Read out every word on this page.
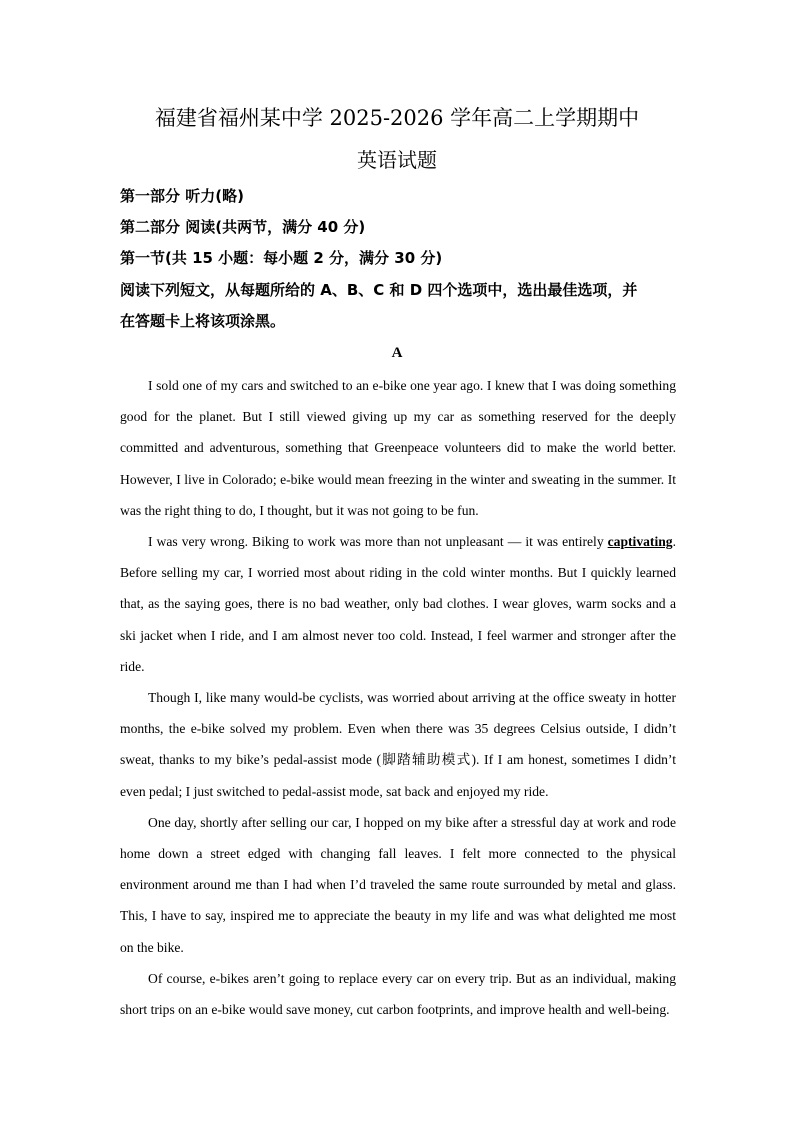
福建省福州某中学 2025-2026 学年高二上学期期中
英语试题
第一部分 听力(略)
第二部分 阅读(共两节，满分 40 分)
第一节(共 15 小题：每小题 2 分，满分 30 分)
阅读下列短文，从每题所给的 A、B、C 和 D 四个选项中，选出最佳选项，并
在答题卡上将该项涂黑。
A

I sold one of my cars and switched to an e-bike one year ago. I knew that I was doing something good for the planet. But I still viewed giving up my car as something reserved for the deeply committed and adventurous, something that Greenpeace volunteers did to make the world better. However, I live in Colorado; e-bike would mean freezing in the winter and sweating in the summer. It was the right thing to do, I thought, but it was not going to be fun.

I was very wrong. Biking to work was more than not unpleasant — it was entirely captivating. Before selling my car, I worried most about riding in the cold winter months. But I quickly learned that, as the saying goes, there is no bad weather, only bad clothes. I wear gloves, warm socks and a ski jacket when I ride, and I am almost never too cold. Instead, I feel warmer and stronger after the ride.

Though I, like many would-be cyclists, was worried about arriving at the office sweaty in hotter months, the e-bike solved my problem. Even when there was 35 degrees Celsius outside, I didn’t sweat, thanks to my bike’s pedal-assist mode (脚踏辅助模式). If I am honest, sometimes I didn’t even pedal; I just switched to pedal-assist mode, sat back and enjoyed my ride.

One day, shortly after selling our car, I hopped on my bike after a stressful day at work and rode home down a street edged with changing fall leaves. I felt more connected to the physical environment around me than I had when I’d traveled the same route surrounded by metal and glass. This, I have to say, inspired me to appreciate the beauty in my life and was what delighted me most on the bike.

Of course, e-bikes aren’t going to replace every car on every trip. But as an individual, making short trips on an e-bike would save money, cut carbon footprints, and improve health and well-being.
